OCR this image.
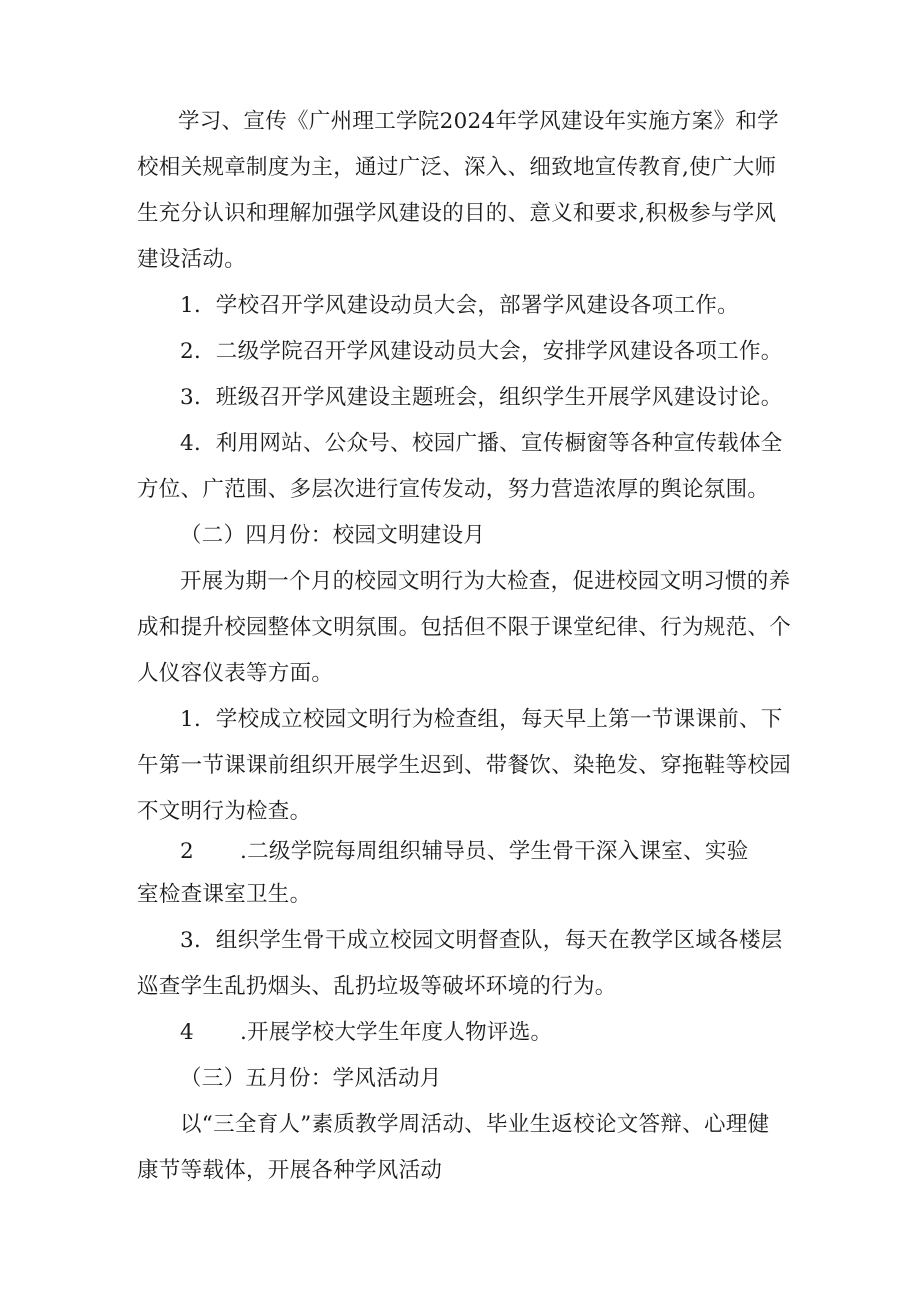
学习、宣传《广州理工学院2024年学风建设年实施方案》和学
校相关规章制度为主，通过广泛、深入、细致地宣传教育,使广大师
生充分认识和理解加强学风建设的目的、意义和要求,积极参与学风
建设活动。
1．学校召开学风建设动员大会，部署学风建设各项工作。
2．二级学院召开学风建设动员大会，安排学风建设各项工作。
3．班级召开学风建设主题班会，组织学生开展学风建设讨论。
4．利用网站、公众号、校园广播、宣传橱窗等各种宣传载体全
方位、广范围、多层次进行宣传发动，努力营造浓厚的舆论氛围。
（二）四月份：校园文明建设月
开展为期一个月的校园文明行为大检查，促进校园文明习惯的养
成和提升校园整体文明氛围。包括但不限于课堂纪律、行为规范、个
人仪容仪表等方面。
1．学校成立校园文明行为检查组，每天早上第一节课课前、下
午第一节课课前组织开展学生迟到、带餐饮、染艳发、穿拖鞋等校园
不文明行为检查。
2 .二级学院每周组织辅导员、学生骨干深入课室、实验
室检查课室卫生。
3．组织学生骨干成立校园文明督查队，每天在教学区域各楼层
巡查学生乱扔烟头、乱扔垃圾等破坏环境的行为。
4 .开展学校大学生年度人物评选。
（三）五月份：学风活动月
以“三全育人”素质教学周活动、毕业生返校论文答辩、心理健
康节等载体，开展各种学风活动
